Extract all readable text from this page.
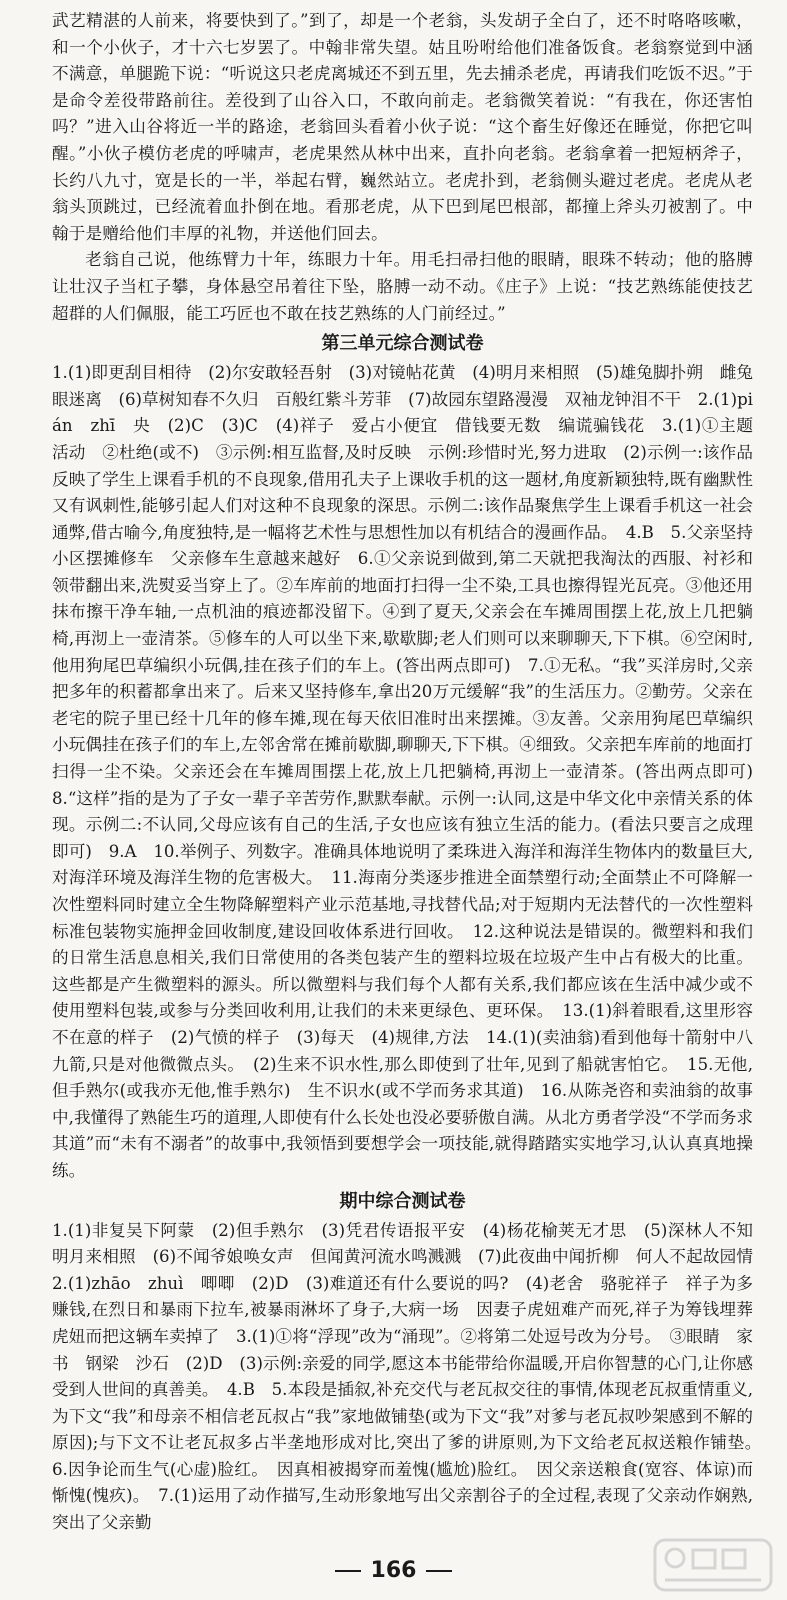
武艺精湛的人前来，将要快到了。”到了，却是一个老翁，头发胡子全白了，还不时咯咯咳嗽，和一个小伙子，才十六七岁罢了。中翰非常失望。姑且吩咐给他们准备饭食。老翁察觉到中涵不满意，单腿跪下说：“听说这只老虎离城还不到五里，先去捕杀老虎，再请我们吃饭不迟。”于是命令差役带路前往。差役到了山谷入口，不敢向前走。老翁微笑着说：“有我在，你还害怕吗？”进入山谷将近一半的路途，老翁回头看着小伙子说：“这个畜生好像还在睡觉，你把它叫醒。”小伙子模仿老虎的呼啸声，老虎果然从林中出来，直扑向老翁。老翁拿着一把短柄斧子，长约八九寸，宽是长的一半，举起右臂，巍然站立。老虎扑到，老翁侧头避过老虎。老虎从老翁头顶跳过，已经流着血扑倒在地。看那老虎，从下巴到尾巴根部，都撞上斧头刃被割了。中翰于是赠给他们丰厚的礼物，并送他们回去。

老翁自己说，他练臂力十年，练眼力十年。用毛扫帚扫他的眼睛，眼珠不转动；他的胳膊让壮汉子当杠子攀，身体悬空吊着往下坠，胳膊一动不动。《庄子》上说：“技艺熟练能使技艺超群的人们佩服，能工巧匠也不敢在技艺熟练的人门前经过。”

第三单元综合测试卷
1.(1)即更刮目相待　(2)尔安敢轻吾射　(3)对镜帖花黄　(4)明月来相照　(5)雄兔脚扑朔　雌兔眼迷离　(6)草树知春不久归　百般红紫斗芳菲　(7)故园东望路漫漫　双袖龙钟泪不干　2.(1)pián　zhī　央　(2)C　(3)C　(4)祥子　爱占小便宜　借钱要无数　编谎骗钱花　3.(1)①主题　活动　②杜绝(或不)　③示例:相互监督,及时反映　示例:珍惜时光,努力进取　(2)示例一:该作品反映了学生上课看手机的不良现象,借用孔夫子上课收手机的这一题材,角度新颖独特,既有幽默性又有讽刺性,能够引起人们对这种不良现象的深思。示例二:该作品聚焦学生上课看手机这一社会通弊,借古喻今,角度独特,是一幅将艺术性与思想性加以有机结合的漫画作品。　4.B　5.父亲坚持小区摆摊修车　父亲修车生意越来越好　6.①父亲说到做到,第二天就把我淘汰的西服、衬衫和领带翻出来,洗熨妥当穿上了。②车库前的地面打扫得一尘不染,工具也擦得锃光瓦亮。③他还用抹布擦干净车轴,一点机油的痕迹都没留下。④到了夏天,父亲会在车摊周围摆上花,放上几把躺椅,再沏上一壶清茶。⑤修车的人可以坐下来,歇歇脚;老人们则可以来聊聊天,下下棋。⑥空闲时,他用狗尾巴草编织小玩偶,挂在孩子们的车上。(答出两点即可)　7.①无私。“我”买洋房时,父亲把多年的积蓄都拿出来了。后来又坚持修车,拿出20万元缓解“我”的生活压力。②勤劳。父亲在老宅的院子里已经十几年的修车摊,现在每天依旧准时出来摆摊。③友善。父亲用狗尾巴草编织小玩偶挂在孩子们的车上,左邻舍常在摊前歇脚,聊聊天,下下棋。④细致。父亲把车库前的地面打扫得一尘不染。父亲还会在车摊周围摆上花,放上几把躺椅,再沏上一壶清茶。(答出两点即可)　8.“这样”指的是为了子女一辈子辛苦劳作,默默奉献。示例一:认同,这是中华文化中亲情关系的体现。示例二:不认同,父母应该有自己的生活,子女也应该有独立生活的能力。(看法只要言之成理即可)　9.A　10.举例子、列数字。准确具体地说明了柔珠进入海洋和海洋生物体内的数量巨大,对海洋环境及海洋生物的危害极大。　11.海南分类逐步推进全面禁塑行动;全面禁止不可降解一次性塑料同时建立全生物降解塑料产业示范基地,寻找替代品;对于短期内无法替代的一次性塑料标准包装物实施押金回收制度,建设回收体系进行回收。　12.这种说法是错误的。微塑料和我们的日常生活息息相关,我们日常使用的各类包装产生的塑料垃圾在垃圾产生中占有极大的比重。这些都是产生微塑料的源头。所以微塑料与我们每个人都有关系,我们都应该在生活中减少或不使用塑料包装,或参与分类回收利用,让我们的未来更绿色、更环保。　13.(1)斜着眼看,这里形容不在意的样子　(2)气愤的样子　(3)每天　(4)规律,方法　14.(1)(卖油翁)看到他每十箭射中八九箭,只是对他微微点头。　(2)生来不识水性,那么即使到了壮年,见到了船就害怕它。　15.无他,但手熟尔(或我亦无他,惟手熟尔)　生不识水(或不学而务求其道)　16.从陈尧咨和卖油翁的故事中,我懂得了熟能生巧的道理,人即使有什么长处也没必要骄傲自满。从北方勇者学没“不学而务求其道”而“未有不溺者”的故事中,我领悟到要想学会一项技能,就得踏踏实实地学习,认认真真地操练。
期中综合测试卷
1.(1)非复吴下阿蒙　(2)但手熟尔　(3)凭君传语报平安　(4)杨花榆荚无才思　(5)深林人不知　明月来相照　(6)不闻爷娘唤女声　但闻黄河流水鸣溅溅　(7)此夜曲中闻折柳　何人不起故园情　2.(1)zhāo　zhuì　唧唧　(2)D　(3)难道还有什么要说的吗?　(4)老舍　骆驼祥子　祥子为多赚钱,在烈日和暴雨下拉车,被暴雨淋坏了身子,大病一场　因妻子虎妞难产而死,祥子为筹钱埋葬虎妞而把这辆车卖掉了　3.(1)①将“浮现”改为“涌现”。②将第二处逗号改为分号。　③眼睛　家书　钢梁　沙石　(2)D　(3)示例:亲爱的同学,愿这本书能带给你温暖,开启你智慧的心门,让你感受到人世间的真善美。　4.B　5.本段是插叙,补充交代与老瓦叔交往的事情,体现老瓦叔重情重义,为下文“我”和母亲不相信老瓦叔占“我”家地做铺垫(或为下文“我”对爹与老瓦叔吵架感到不解的原因);与下文不让老瓦叔多占半垄地形成对比,突出了爹的讲原则,为下文给老瓦叔送粮作铺垫。　6.因争论而生气(心虚)脸红。　因真相被揭穿而羞愧(尴尬)脸红。　因父亲送粮食(宽容、体谅)而惭愧(愧疚)。　7.(1)运用了动作描写,生动形象地写出父亲割谷子的全过程,表现了父亲动作娴熟,突出了父亲勤
166
